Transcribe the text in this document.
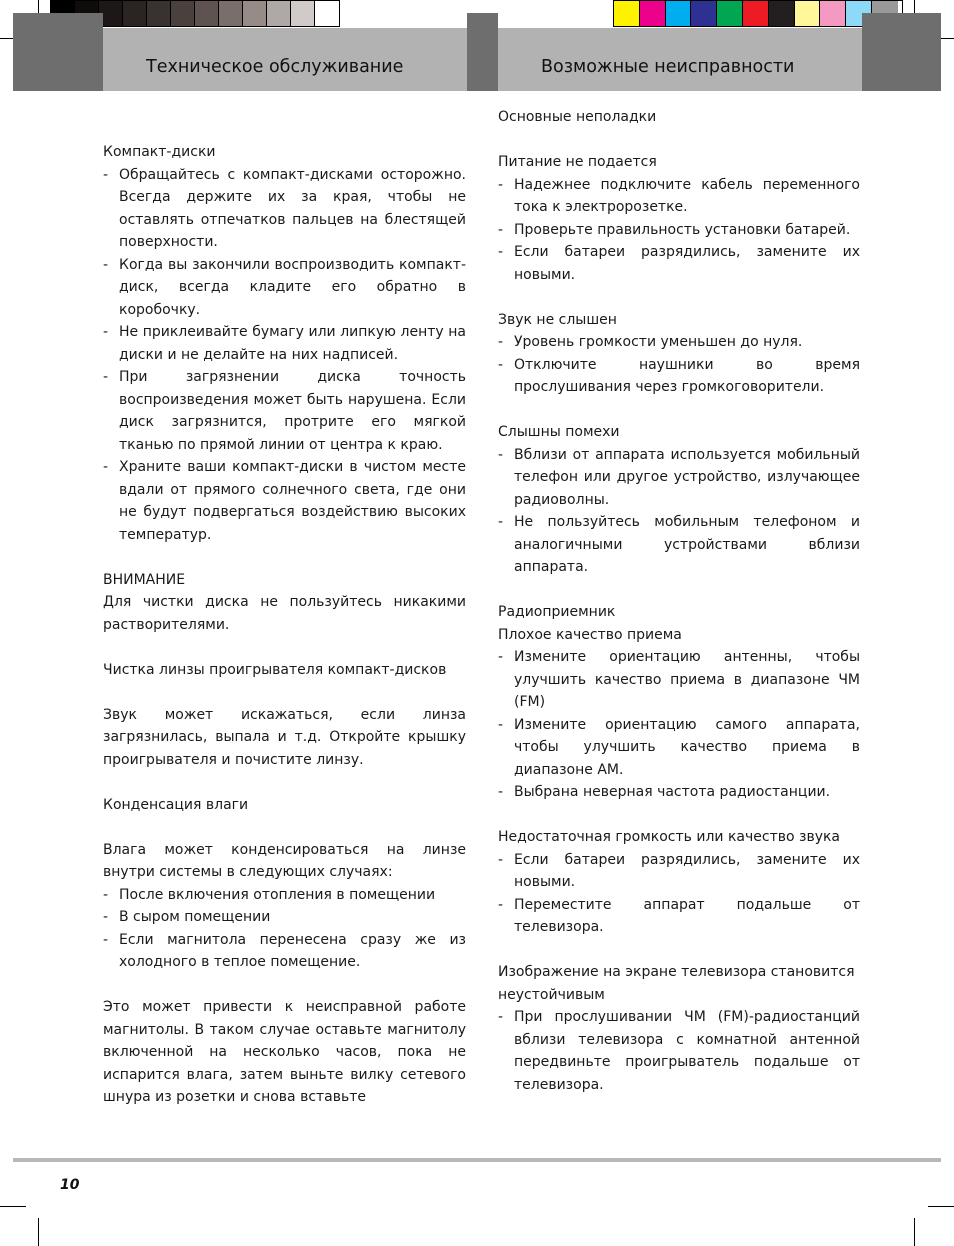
Техническое обслуживание	Возможные неисправности

Компакт-диски

- Обращайтесь с компакт-дисками осторожно. Всегда держите их за края, чтобы не оставлять отпечатков пальцев на блестящей поверхности.

- Когда вы закончили воспроизводить компакт-диск, всегда кладите его обратно в коробочку.

- Не приклеивайте бумагу или липкую ленту на диски и не делайте на них надписей.

- При загрязнении диска точность воспроизведения может быть нарушена. Если диск загрязнится, протрите его мягкой тканью по прямой линии от центра к краю.

- Храните ваши компакт-диски в чистом месте вдали от прямого солнечного света, где они не будут подвергаться воздействию высоких температур.

ВНИМАНИЕ

Для чистки диска не пользуйтесь никакими растворителями.

Чистка линзы проигрывателя компакт-дисков

Звук может искажаться, если линза загрязнилась, выпала и т.д. Откройте крышку проигрывателя и почистите линзу.

Конденсация влаги

Влага может конденсироваться на линзе внутри системы в следующих случаях:

- После включения отопления в помещении

- В сыром помещении

- Если магнитола перенесена сразу же из холодного в теплое помещение.

Это может привести к неисправной работе магнитолы. В таком случае оставьте магнитолу включенной на несколько часов, пока не испарится влага, затем выньте вилку сетевого шнура из розетки и снова вставьте

Основные неполадки

Питание не подается

- Надежнее подключите кабель переменного тока к электророзетке.

- Проверьте правильность установки батарей.

- Если батареи разрядились, замените их новыми.

Звук не слышен

- Уровень громкости уменьшен до нуля.

- Отключите наушники во время прослушивания через громкоговорители.

Слышны помехи

- Вблизи от аппарата используется мобильный телефон или другое устройство, излучающее радиоволны.

- Не пользуйтесь мобильным телефоном и аналогичными устройствами вблизи аппарата.

Радиоприемник

Плохое качество приема

- Измените ориентацию антенны, чтобы улучшить качество приема в диапазоне ЧМ (FM)

- Измените ориентацию самого аппарата, чтобы улучшить качество приема в диапазоне АМ.

- Выбрана неверная частота радиостанции.

Недостаточная громкость или качество звука

- Если батареи разрядились, замените их новыми.

- Переместите аппарат подальше от телевизора.

Изображение на экране телевизора становится неустойчивым

- При прослушивании ЧМ (FM)-радиостанций вблизи телевизора с комнатной антенной передвиньте проигрыватель подальше от телевизора.

10
